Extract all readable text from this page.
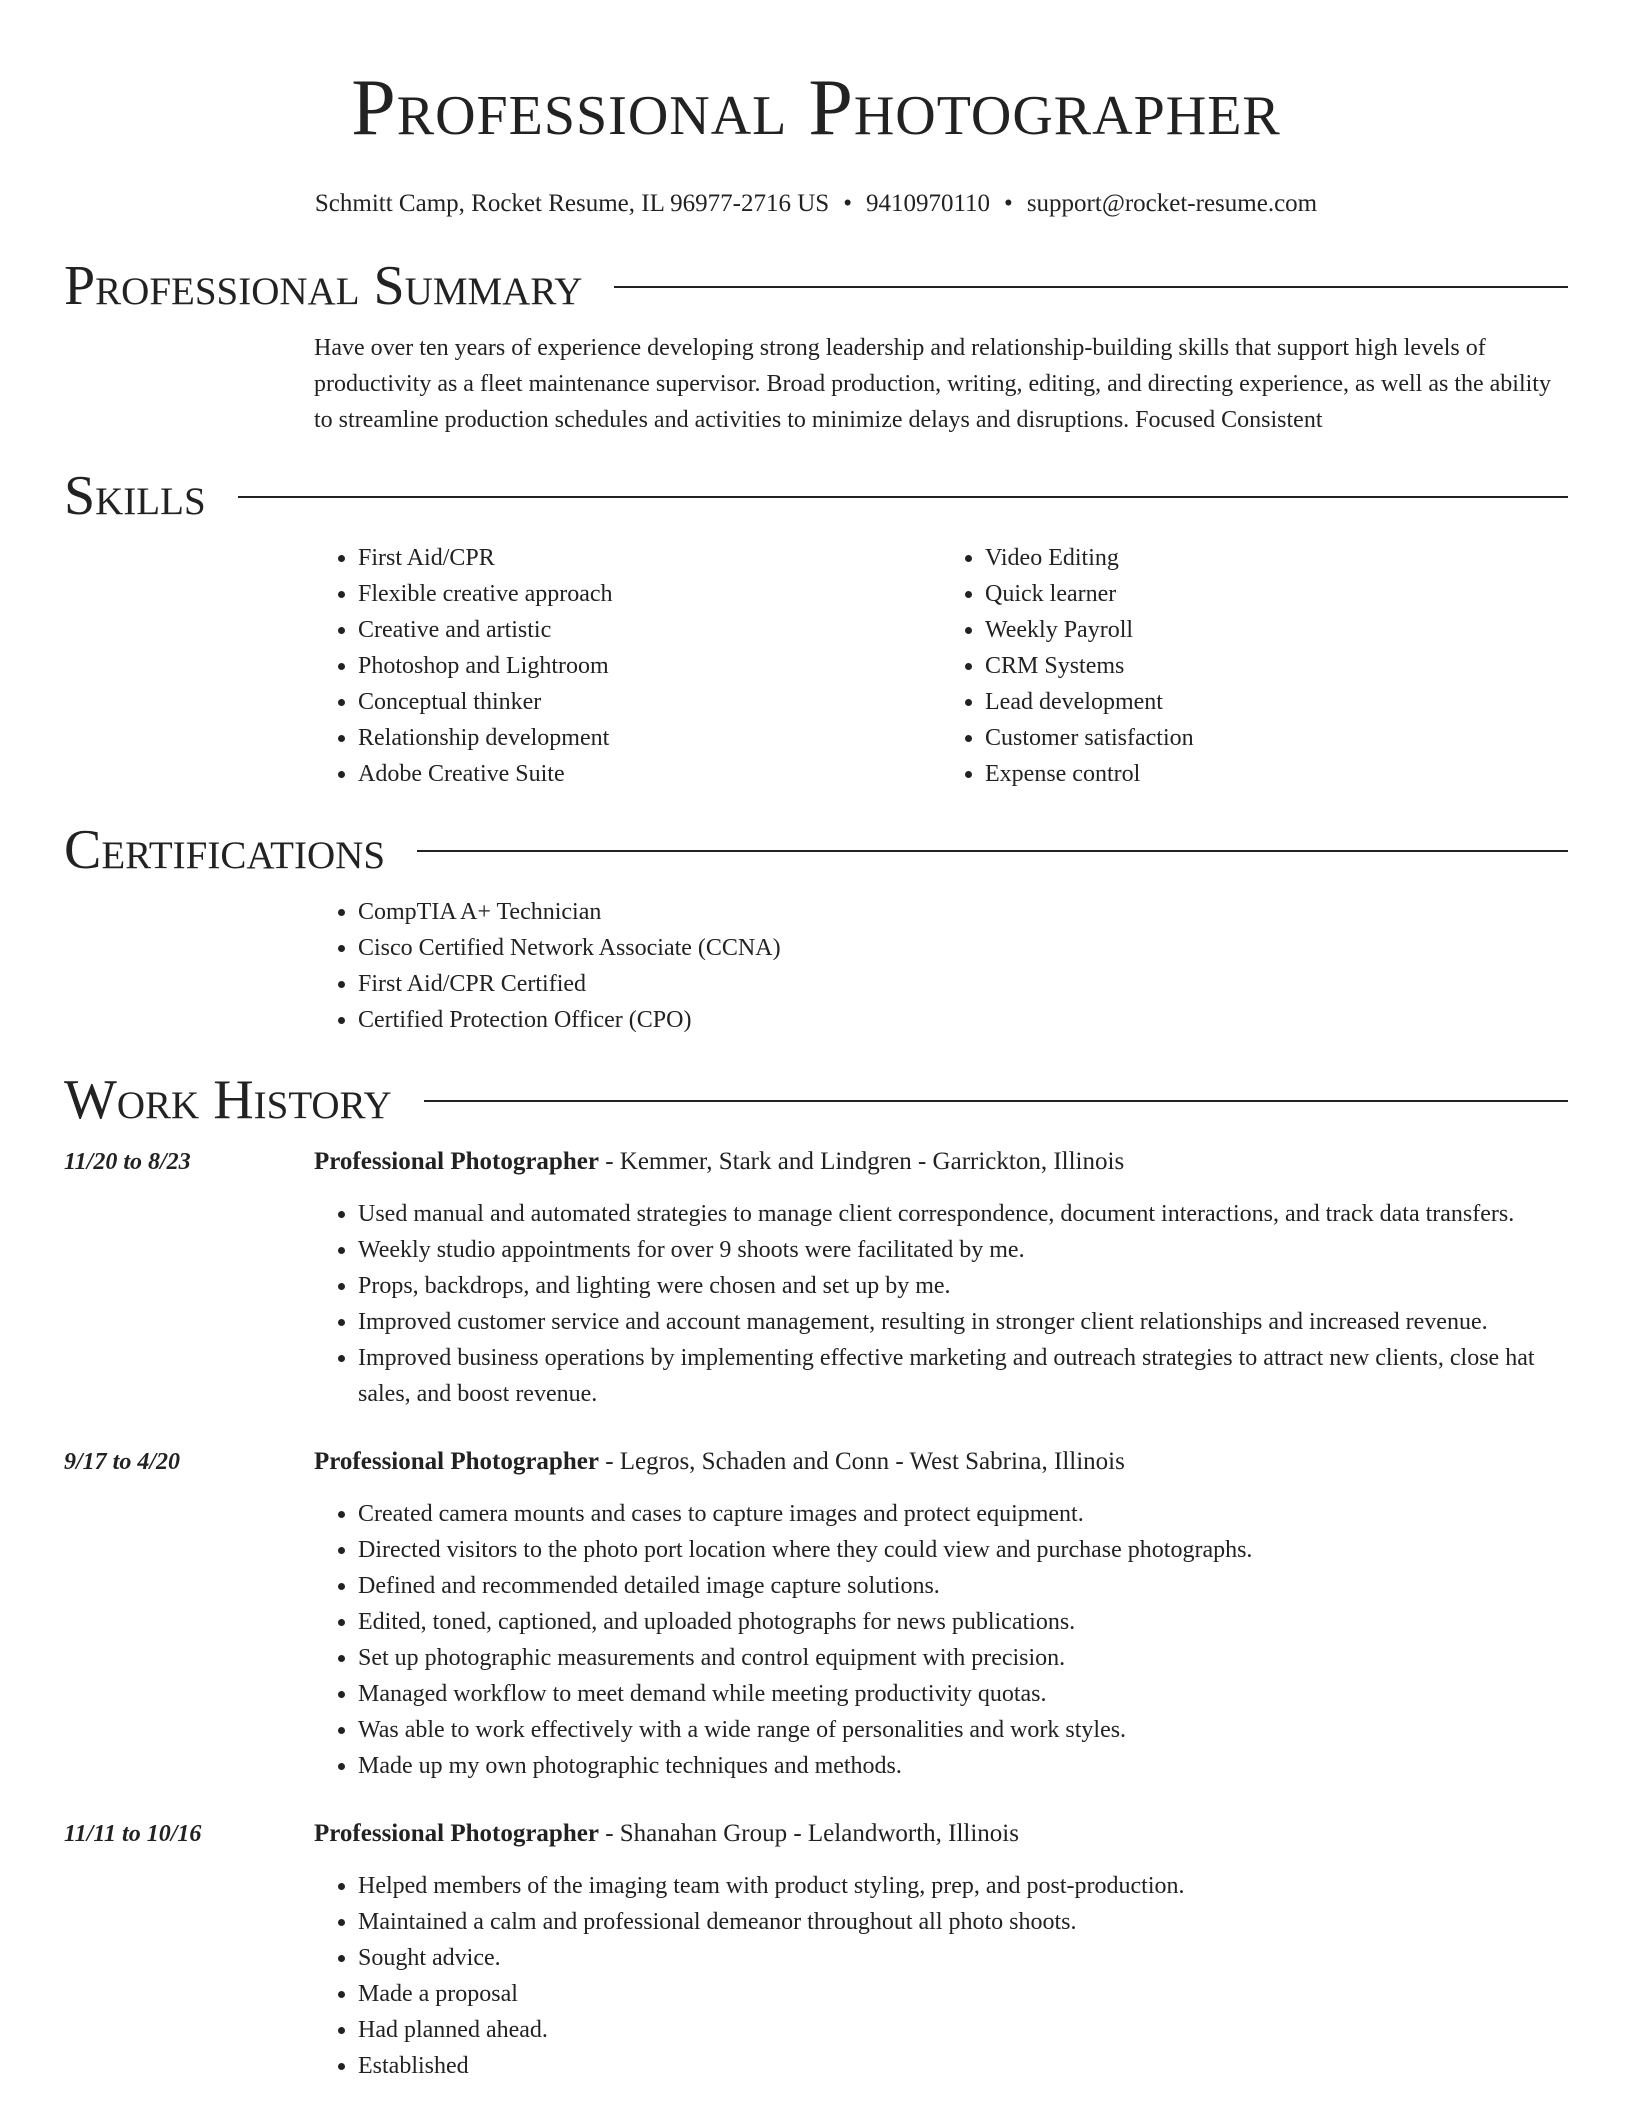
Professional Photographer
Schmitt Camp, Rocket Resume, IL 96977-2716 US • 9410970110 • support@rocket-resume.com
Professional Summary

Have over ten years of experience developing strong leadership and relationship-building skills that support high levels of productivity as a fleet maintenance supervisor. Broad production, writing, editing, and directing experience, as well as the ability to streamline production schedules and activities to minimize delays and disruptions. Focused Consistent

Skills
• First Aid/CPR
• Flexible creative approach
• Creative and artistic
• Photoshop and Lightroom
• Conceptual thinker
• Relationship development
• Adobe Creative Suite
• Video Editing
• Quick learner
• Weekly Payroll
• CRM Systems
• Lead development
• Customer satisfaction
• Expense control
Certifications
• CompTIA A+ Technician
• Cisco Certified Network Associate (CCNA)
• First Aid/CPR Certified
• Certified Protection Officer (CPO)
Work History
11/20 to 8/23	Professional Photographer - Kemmer, Stark and Lindgren - Garrickton, Illinois
• Used manual and automated strategies to manage client correspondence, document interactions, and track data transfers.
• Weekly studio appointments for over 9 shoots were facilitated by me.
• Props, backdrops, and lighting were chosen and set up by me.
• Improved customer service and account management, resulting in stronger client relationships and increased revenue.
• Improved business operations by implementing effective marketing and outreach strategies to attract new clients, close hat sales, and boost revenue.
9/17 to 4/20	Professional Photographer - Legros, Schaden and Conn - West Sabrina, Illinois
• Created camera mounts and cases to capture images and protect equipment.
• Directed visitors to the photo port location where they could view and purchase photographs.
• Defined and recommended detailed image capture solutions.
• Edited, toned, captioned, and uploaded photographs for news publications.
• Set up photographic measurements and control equipment with precision.
• Managed workflow to meet demand while meeting productivity quotas.
• Was able to work effectively with a wide range of personalities and work styles.
• Made up my own photographic techniques and methods.
11/11 to 10/16	Professional Photographer - Shanahan Group - Lelandworth, Illinois
• Helped members of the imaging team with product styling, prep, and post-production.
• Maintained a calm and professional demeanor throughout all photo shoots.
• Sought advice.
• Made a proposal
• Had planned ahead.
• Established
